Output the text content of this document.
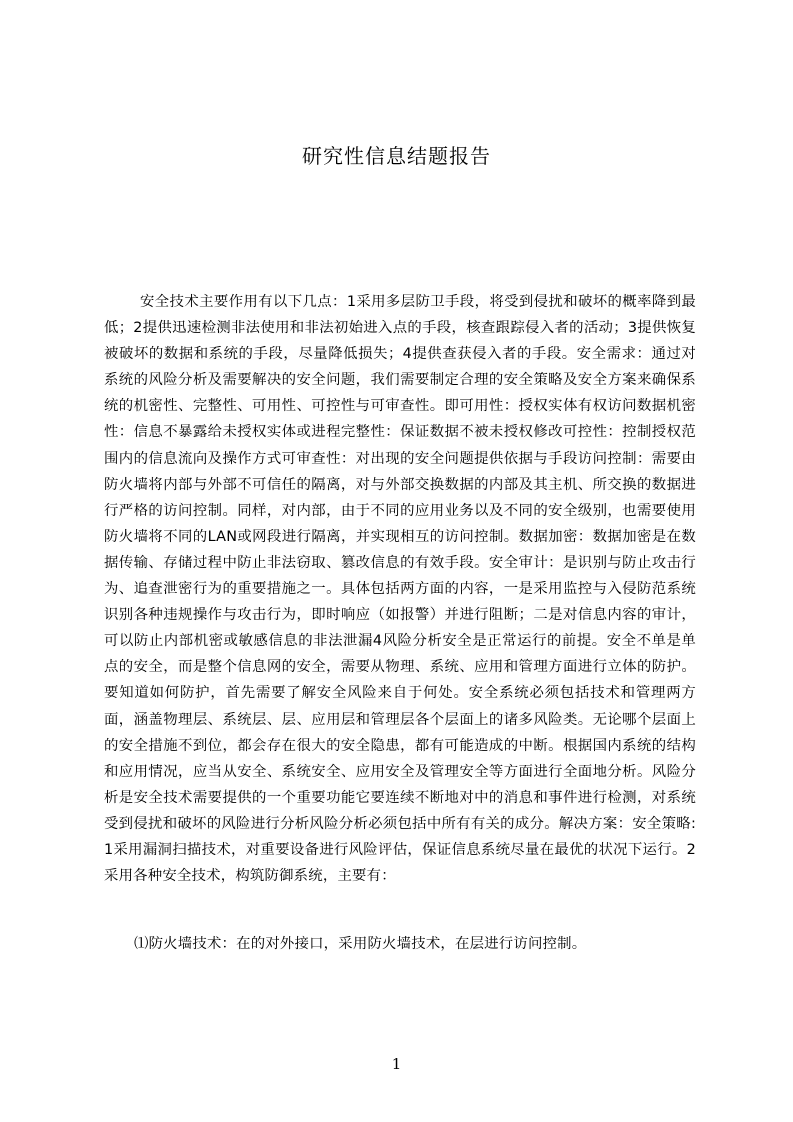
研究性信息结题报告

安全技术主要作用有以下几点：1采用多层防卫手段，将受到侵扰和破坏的概率降到最低；2提供迅速检测非法使用和非法初始进入点的手段，核查跟踪侵入者的活动；3提供恢复被破坏的数据和系统的手段，尽量降低损失；4提供查获侵入者的手段。安全需求：通过对系统的风险分析及需要解决的安全问题，我们需要制定合理的安全策略及安全方案来确保系统的机密性、完整性、可用性、可控性与可审查性。即可用性：授权实体有权访问数据机密性：信息不暴露给未授权实体或进程完整性：保证数据不被未授权修改可控性：控制授权范围内的信息流向及操作方式可审查性：对出现的安全问题提供依据与手段访问控制：需要由防火墙将内部与外部不可信任的隔离，对与外部交换数据的内部及其主机、所交换的数据进行严格的访问控制。同样，对内部，由于不同的应用业务以及不同的安全级别，也需要使用防火墙将不同的LAN或网段进行隔离，并实现相互的访问控制。数据加密：数据加密是在数据传输、存储过程中防止非法窃取、篡改信息的有效手段。安全审计：是识别与防止攻击行为、追查泄密行为的重要措施之一。具体包括两方面的内容，一是采用监控与入侵防范系统识别各种违规操作与攻击行为，即时响应（如报警）并进行阻断；二是对信息内容的审计，可以防止内部机密或敏感信息的非法泄漏4风险分析安全是正常运行的前提。安全不单是单点的安全，而是整个信息网的安全，需要从物理、系统、应用和管理方面进行立体的防护。要知道如何防护，首先需要了解安全风险来自于何处。安全系统必须包括技术和管理两方面，涵盖物理层、系统层、层、应用层和管理层各个层面上的诸多风险类。无论哪个层面上的安全措施不到位，都会存在很大的安全隐患，都有可能造成的中断。根据国内系统的结构和应用情况，应当从安全、系统安全、应用安全及管理安全等方面进行全面地分析。风险分析是安全技术需要提供的一个重要功能它要连续不断地对中的消息和事件进行检测，对系统受到侵扰和破坏的风险进行分析风险分析必须包括中所有有关的成分。解决方案：安全策略:1采用漏洞扫描技术，对重要设备进行风险评估，保证信息系统尽量在最优的状况下运行。2采用各种安全技术，构筑防御系统，主要有：

⑴防火墙技术：在的对外接口，采用防火墙技术，在层进行访问控制。

1
